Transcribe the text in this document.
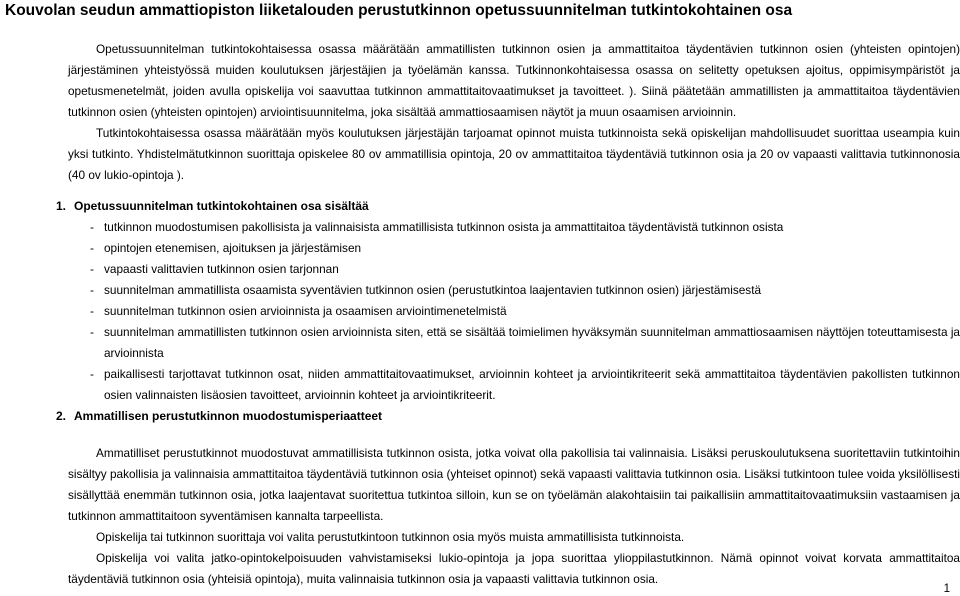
Kouvolan seudun ammattiopiston liiketalouden perustutkinnon opetussuunnitelman tutkintokohtainen osa

Opetussuunnitelman tutkintokohtaisessa osassa määrätään ammatillisten tutkinnon osien ja ammattitaitoa täydentävien tutkinnon osien (yhteisten opintojen) järjestäminen yhteistyössä muiden koulutuksen järjestäjien ja työelämän kanssa. Tutkinnonkohtaisessa osassa on selitetty opetuksen ajoitus, oppimisympäristöt ja opetusmenetelmät, joiden avulla opiskelija voi saavuttaa tutkinnon ammattitaitovaatimukset ja tavoitteet. ). Siinä päätetään ammatillisten ja ammattitaitoa täydentävien tutkinnon osien (yhteisten opintojen) arviointisuunnitelma, joka sisältää ammattiosaamisen näytöt ja muun osaamisen arvioinnin.

Tutkintokohtaisessa osassa määrätään myös koulutuksen järjestäjän tarjoamat opinnot muista tutkinnoista sekä opiskelijan mahdollisuudet suorittaa useampia kuin yksi tutkinto. Yhdistelmätutkinnon suorittaja opiskelee 80 ov ammatillisia opintoja, 20 ov ammattitaitoa täydentäviä tutkinnon osia ja 20 ov vapaasti valittavia tutkinnonosia (40 ov lukio-opintoja ).

1. Opetussuunnitelman tutkintokohtainen osa sisältää
- tutkinnon muodostumisen pakollisista ja valinnaisista ammatillisista tutkinnon osista ja ammattitaitoa täydentävistä tutkinnon osista
- opintojen etenemisen, ajoituksen ja järjestämisen
- vapaasti valittavien tutkinnon osien tarjonnan
- suunnitelman ammatillista osaamista syventävien tutkinnon osien (perustutkintoa laajentavien tutkinnon osien) järjestämisestä
- suunnitelman tutkinnon osien arvioinnista ja osaamisen arviointimenetelmistä
- suunnitelman ammatillisten tutkinnon osien arvioinnista siten, että se sisältää toimielimen hyväksymän suunnitelman ammattiosaamisen näyttöjen toteuttamisesta ja arvioinnista
- paikallisesti tarjottavat tutkinnon osat, niiden ammattitaitovaatimukset, arvioinnin kohteet ja arviointikriteerit sekä ammattitaitoa täydentävien pakollisten tutkinnon osien valinnaisten lisäosien tavoitteet, arvioinnin kohteet ja arviointikriteerit.
2. Ammatillisen perustutkinnon muodostumisperiaatteet

Ammatilliset perustutkinnot muodostuvat ammatillisista tutkinnon osista, jotka voivat olla pakollisia tai valinnaisia. Lisäksi peruskoulutuksena suoritettaviin tutkintoihin sisältyy pakollisia ja valinnaisia ammattitaitoa täydentäviä tutkinnon osia (yhteiset opinnot) sekä vapaasti valittavia tutkinnon osia. Lisäksi tutkintoon tulee voida yksilöllisesti sisällyttää enemmän tutkinnon osia, jotka laajentavat suoritettua tutkintoa silloin, kun se on työelämän alakohtaisiin tai paikallisiin ammattitaitovaatimuksiin vastaamisen ja tutkinnon ammattitaitoon syventämisen kannalta tarpeellista.

Opiskelija tai tutkinnon suorittaja voi valita perustutkintoon tutkinnon osia myös muista ammatillisista tutkinnoista.

Opiskelija voi valita jatko-opintokelpoisuuden vahvistamiseksi lukio-opintoja ja jopa suorittaa ylioppilastutkinnon. Nämä opinnot voivat korvata ammattitaitoa täydentäviä tutkinnon osia (yhteisiä opintoja), muita valinnaisia tutkinnon osia ja vapaasti valittavia tutkinnon osia.

1
